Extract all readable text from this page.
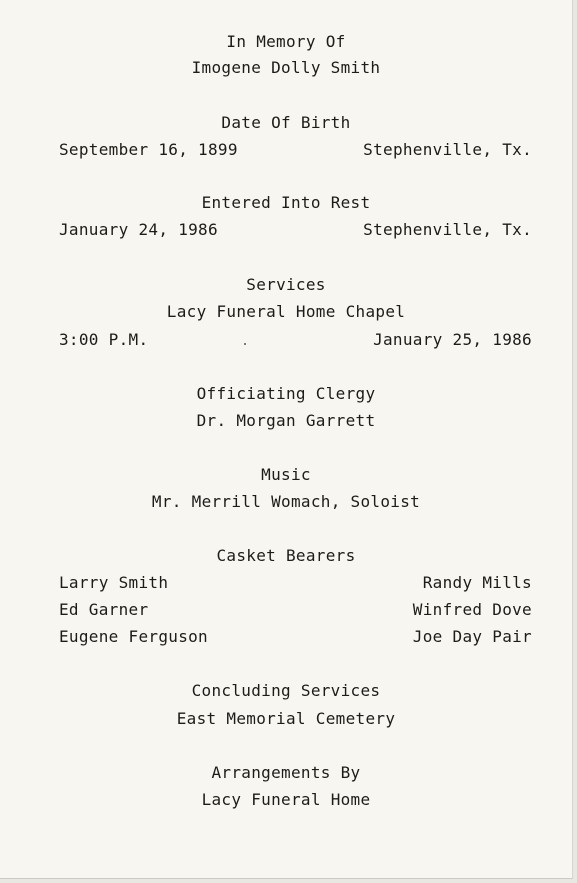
In Memory Of
Imogene Dolly Smith
Date Of Birth
September 16, 1899	Stephenville, Tx.
Entered Into Rest
January 24, 1986	Stephenville, Tx.
Services
Lacy Funeral Home Chapel
3:00 P.M.	January 25, 1986
Officiating Clergy
Dr. Morgan Garrett
Music
Mr. Merrill Womach, Soloist
Casket Bearers
Larry Smith	Randy Mills
Ed Garner	Winfred Dove
Eugene Ferguson	Joe Day Pair
Concluding Services
East Memorial Cemetery
Arrangements By
Lacy Funeral Home
